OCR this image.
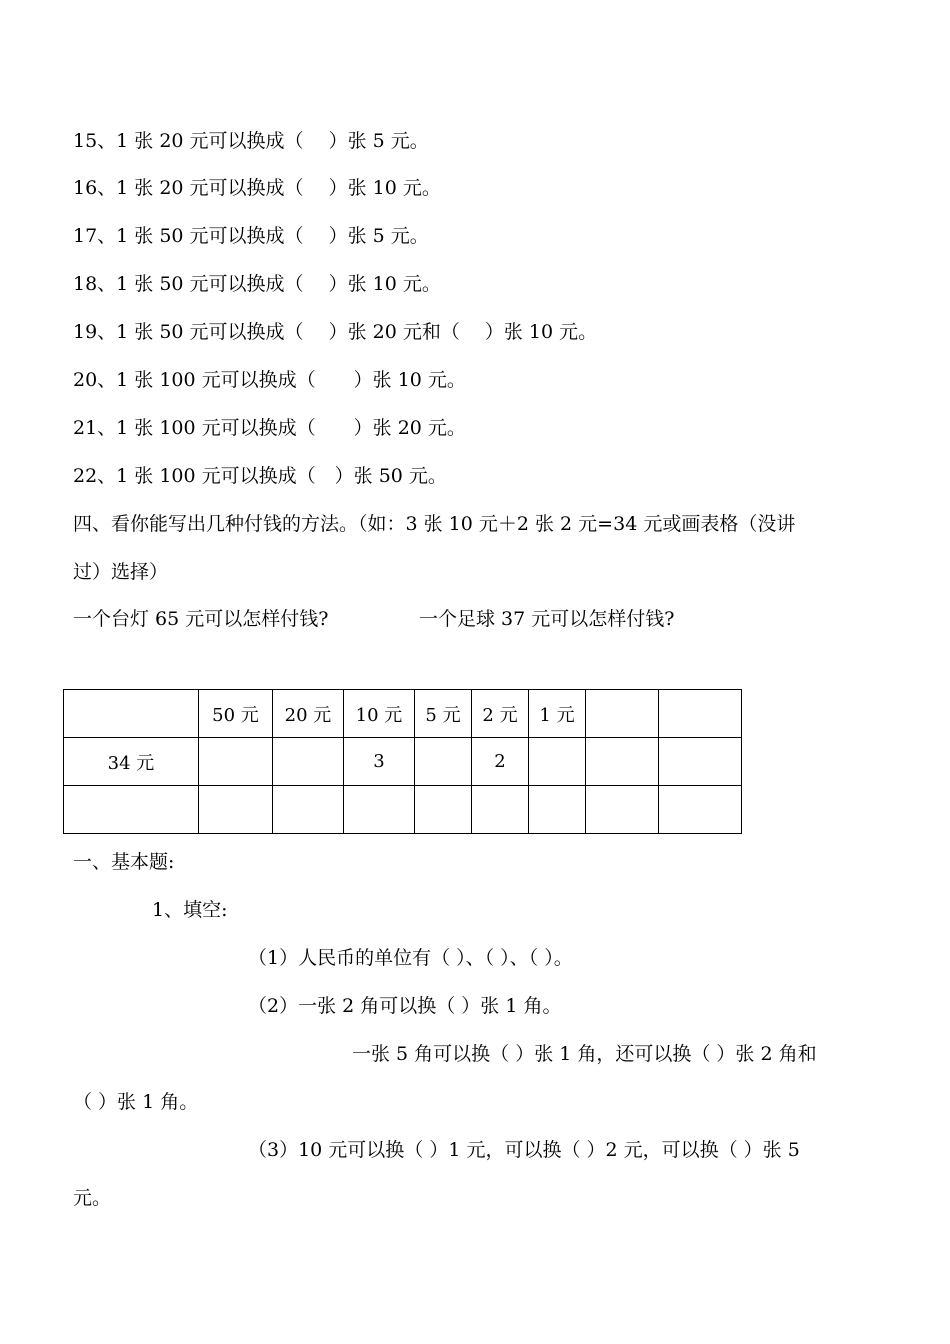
15、1 张 20 元可以换成（　 ）张 5 元。
16、1 张 20 元可以换成（　 ）张 10 元。
17、1 张 50 元可以换成（　 ）张 5 元。
18、1 张 50 元可以换成（　 ）张 10 元。
19、1 张 50 元可以换成（　 ）张 20 元和（　 ）张 10 元。
20、1 张 100 元可以换成（　　）张 10 元。
21、1 张 100 元可以换成（　　）张 20 元。
22、1 张 100 元可以换成（　）张 50 元。
四、看你能写出几种付钱的方法。（如：3 张 10 元＋2 张 2 元=34 元或画表格（没讲
过）选择）
一个台灯 65 元可以怎样付钱?	一个足球 37 元可以怎样付钱?
	50 元	20 元	10 元	5 元	2 元	1 元		
34 元			3		2			

一、基本题:
1、填空:
（1）人民币的单位有（ ）、（ ）、（ ）。
（2）一张 2 角可以换（ ）张 1 角。
一张 5 角可以换（ ）张 1 角，还可以换（ ）张 2 角和
（ ）张 1 角。
（3）10 元可以换（ ）1 元，可以换（ ）2 元，可以换（ ）张 5
元。
